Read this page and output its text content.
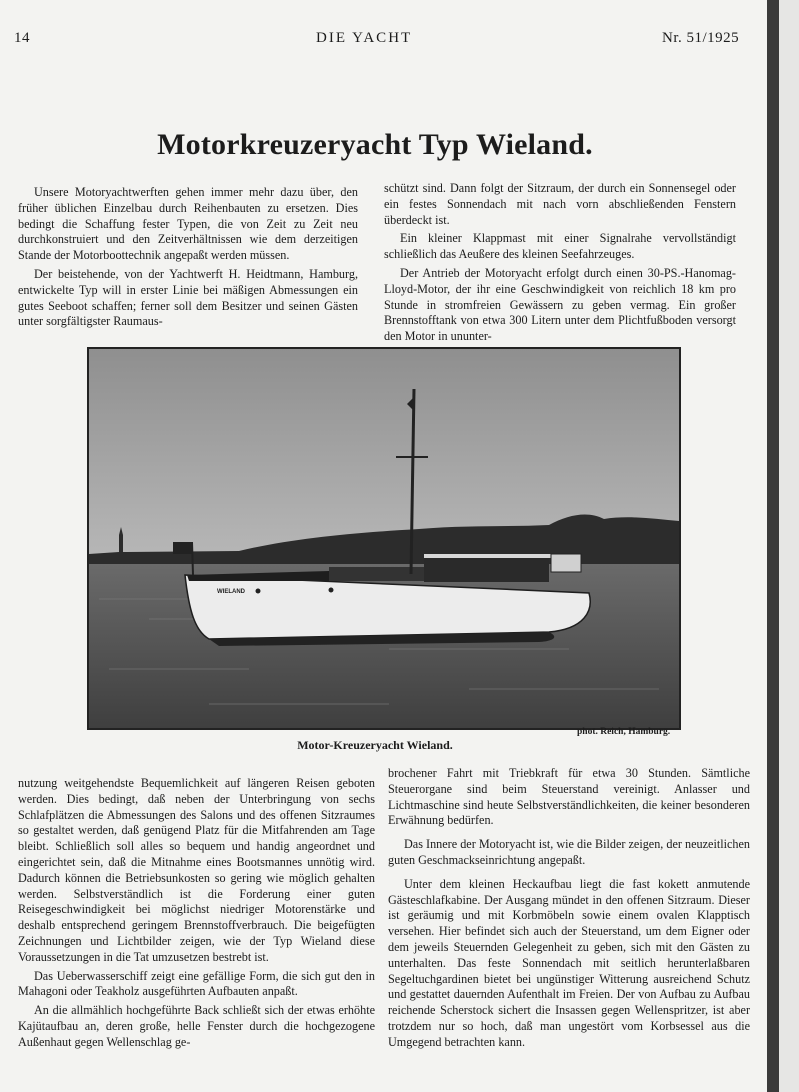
14	DIE YACHT	Nr. 51/1925
Motorkreuzeryacht Typ Wieland.

Unsere Motoryachtwerften gehen immer mehr dazu über, den früher üblichen Einzelbau durch Reihenbauten zu ersetzen. Dies bedingt die Schaffung fester Typen, die von Zeit zu Zeit neu durchkonstruiert und den Zeitverhältnissen wie dem derzeitigen Stande der Motorboottechnik angepaßt werden müssen.

Der beistehende, von der Yachtwerft H. Heidtmann, Hamburg, entwickelte Typ will in erster Linie bei mäßigen Abmessungen ein gutes Seeboot schaffen; ferner soll dem Besitzer und seinen Gästen unter sorgfältigster Raumaus-

schützt sind. Dann folgt der Sitzraum, der durch ein Sonnensegel oder ein festes Sonnendach mit nach vorn abschließenden Fenstern überdeckt ist.

Ein kleiner Klappmast mit einer Signalrahe vervollständigt schließlich das Aeußere des kleinen Seefahrzeuges.

Der Antrieb der Motoryacht erfolgt durch einen 30-PS.-Hanomag-Lloyd-Motor, der ihr eine Geschwindigkeit von reichlich 18 km pro Stunde in stromfreien Gewässern zu geben vermag. Ein großer Brennstofftank von etwa 300 Litern unter dem Plichtfußboden versorgt den Motor in ununter-

WIELAND
phot. Reich, Hamburg.
Motor-Kreuzeryacht Wieland.

nutzung weitgehendste Bequemlichkeit auf längeren Reisen geboten werden. Dies bedingt, daß neben der Unterbringung von sechs Schlafplätzen die Abmessungen des Salons und des offenen Sitzraumes so gestaltet werden, daß genügend Platz für die Mitfahrenden am Tage bleibt. Schließlich soll alles so bequem und handig angeordnet und eingerichtet sein, daß die Mitnahme eines Bootsmannes unnötig wird. Dadurch können die Betriebsunkosten so gering wie möglich gehalten werden. Selbstverständlich ist die Forderung einer guten Reisegeschwindigkeit bei möglichst niedriger Motorenstärke und deshalb entsprechend geringem Brennstoffverbrauch. Die beigefügten Zeichnungen und Lichtbilder zeigen, wie der Typ Wieland diese Voraussetzungen in die Tat umzusetzen bestrebt ist.

Das Ueberwasserschiff zeigt eine gefällige Form, die sich gut den in Mahagoni oder Teakholz ausgeführten Aufbauten anpaßt.

An die allmählich hochgeführte Back schließt sich der etwas erhöhte Kajütaufbau an, deren große, helle Fenster durch die hochgezogene Außenhaut gegen Wellenschlag ge-

brochener Fahrt mit Triebkraft für etwa 30 Stunden. Sämtliche Steuerorgane sind beim Steuerstand vereinigt. Anlasser und Lichtmaschine sind heute Selbstverständlichkeiten, die keiner besonderen Erwähnung bedürfen.

Das Innere der Motoryacht ist, wie die Bilder zeigen, der neuzeitlichen guten Geschmackseinrichtung angepaßt.

Unter dem kleinen Heckaufbau liegt die fast kokett anmutende Gästeschlafkabine. Der Ausgang mündet in den offenen Sitzraum. Dieser ist geräumig und mit Korbmöbeln sowie einem ovalen Klapptisch versehen. Hier befindet sich auch der Steuerstand, um dem Eigner oder dem jeweils Steuernden Gelegenheit zu geben, sich mit den Gästen zu unterhalten. Das feste Sonnendach mit seitlich herunterlaßbaren Segeltuchgardinen bietet bei ungünstiger Witterung ausreichend Schutz und gestattet dauernden Aufenthalt im Freien. Der von Aufbau zu Aufbau reichende Scherstock sichert die Insassen gegen Wellenspritzer, ist aber trotzdem nur so hoch, daß man ungestört vom Korbsessel aus die Umgegend betrachten kann.
